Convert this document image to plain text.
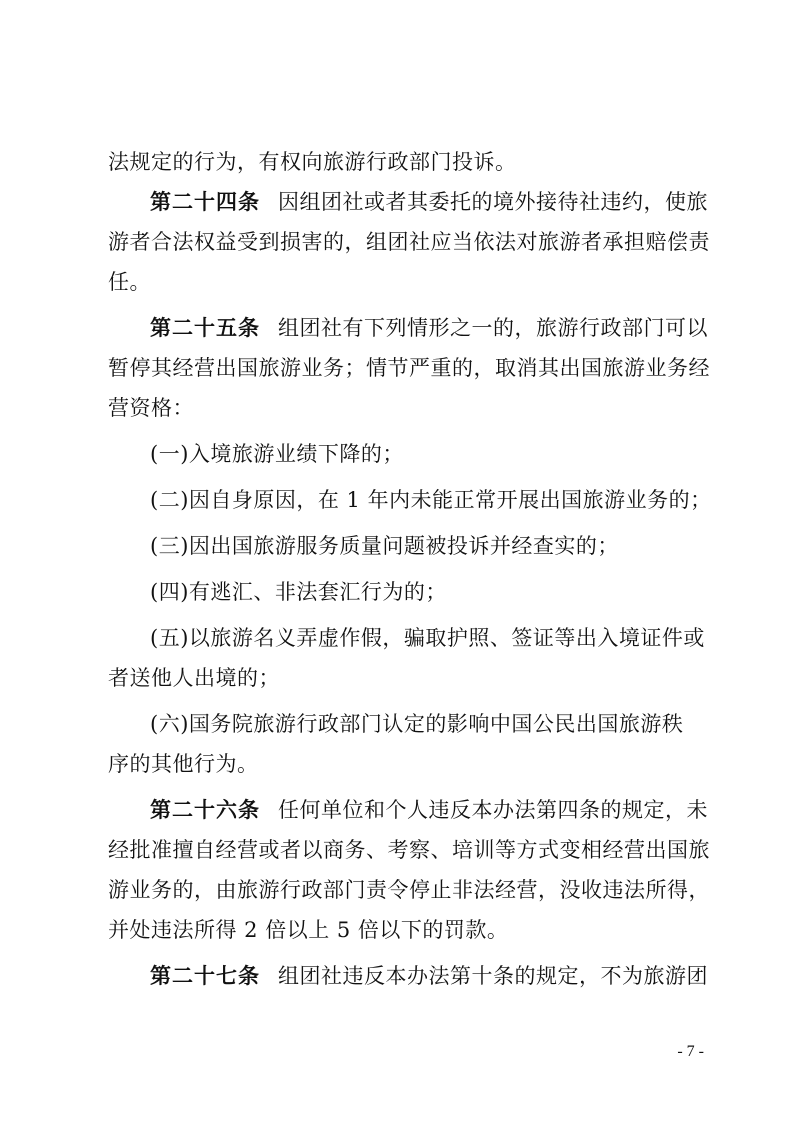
法规定的行为，有权向旅游行政部门投诉。
第二十四条 因组团社或者其委托的境外接待社违约，使旅
游者合法权益受到损害的，组团社应当依法对旅游者承担赔偿责
任。
第二十五条 组团社有下列情形之一的，旅游行政部门可以
暂停其经营出国旅游业务；情节严重的，取消其出国旅游业务经
营资格：
(一)入境旅游业绩下降的；
(二)因自身原因，在 1 年内未能正常开展出国旅游业务的；
(三)因出国旅游服务质量问题被投诉并经查实的；
(四)有逃汇、非法套汇行为的；
(五)以旅游名义弄虚作假，骗取护照、签证等出入境证件或
者送他人出境的；
(六)国务院旅游行政部门认定的影响中国公民出国旅游秩
序的其他行为。
第二十六条 任何单位和个人违反本办法第四条的规定，未
经批准擅自经营或者以商务、考察、培训等方式变相经营出国旅
游业务的，由旅游行政部门责令停止非法经营，没收违法所得，
并处违法所得 2 倍以上 5 倍以下的罚款。
第二十七条 组团社违反本办法第十条的规定，不为旅游团
- 7 -
